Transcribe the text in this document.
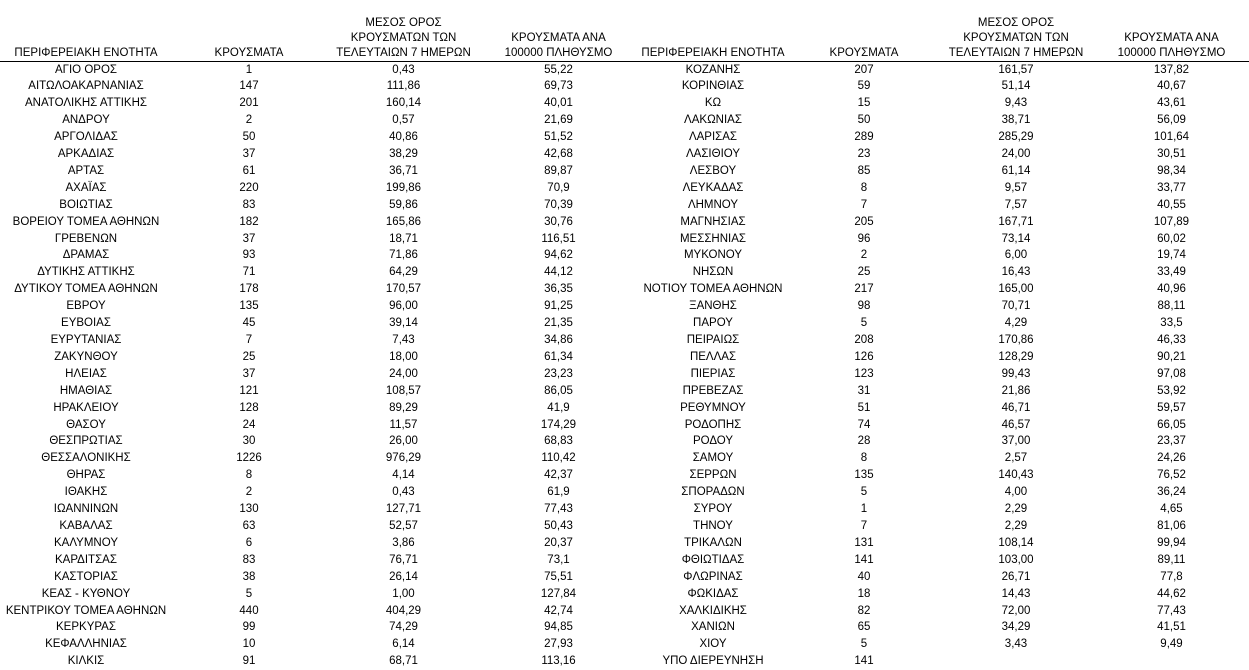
ΠΕΡΙΦΕΡΕΙΑΚΗ ΕΝΟΤΗΤΑ	ΚΡΟΥΣΜΑΤΑ	ΜΕΣΟΣ ΟΡΟΣ ΚΡΟΥΣΜΑΤΩΝ ΤΩΝ ΤΕΛΕΥΤΑΙΩΝ 7 ΗΜΕΡΩΝ	ΚΡΟΥΣΜΑΤΑ ΑΝΑ 100000 ΠΛΗΘΥΣΜΟ
ΑΓΙΟ ΟΡΟΣ	1	0,43	55,22
ΑΙΤΩΛΟΑΚΑΡΝΑΝΙΑΣ	147	111,86	69,73
ΑΝΑΤΟΛΙΚΗΣ ΑΤΤΙΚΗΣ	201	160,14	40,01
ΑΝΔΡΟΥ	2	0,57	21,69
ΑΡΓΟΛΙΔΑΣ	50	40,86	51,52
ΑΡΚΑΔΙΑΣ	37	38,29	42,68
ΑΡΤΑΣ	61	36,71	89,87
ΑΧΑΪΑΣ	220	199,86	70,9
ΒΟΙΩΤΙΑΣ	83	59,86	70,39
ΒΟΡΕΙΟΥ ΤΟΜΕΑ ΑΘΗΝΩΝ	182	165,86	30,76
ΓΡΕΒΕΝΩΝ	37	18,71	116,51
ΔΡΑΜΑΣ	93	71,86	94,62
ΔΥΤΙΚΗΣ ΑΤΤΙΚΗΣ	71	64,29	44,12
ΔΥΤΙΚΟΥ ΤΟΜΕΑ ΑΘΗΝΩΝ	178	170,57	36,35
ΕΒΡΟΥ	135	96,00	91,25
ΕΥΒΟΙΑΣ	45	39,14	21,35
ΕΥΡΥΤΑΝΙΑΣ	7	7,43	34,86
ΖΑΚΥΝΘΟΥ	25	18,00	61,34
ΗΛΕΙΑΣ	37	24,00	23,23
ΗΜΑΘΙΑΣ	121	108,57	86,05
ΗΡΑΚΛΕΙΟΥ	128	89,29	41,9
ΘΑΣΟΥ	24	11,57	174,29
ΘΕΣΠΡΩΤΙΑΣ	30	26,00	68,83
ΘΕΣΣΑΛΟΝΙΚΗΣ	1226	976,29	110,42
ΘΗΡΑΣ	8	4,14	42,37
ΙΘΑΚΗΣ	2	0,43	61,9
ΙΩΑΝΝΙΝΩΝ	130	127,71	77,43
ΚΑΒΑΛΑΣ	63	52,57	50,43
ΚΑΛΥΜΝΟΥ	6	3,86	20,37
ΚΑΡΔΙΤΣΑΣ	83	76,71	73,1
ΚΑΣΤΟΡΙΑΣ	38	26,14	75,51
ΚΕΑΣ - ΚΥΘΝΟΥ	5	1,00	127,84
ΚΕΝΤΡΙΚΟΥ ΤΟΜΕΑ ΑΘΗΝΩΝ	440	404,29	42,74
ΚΕΡΚΥΡΑΣ	99	74,29	94,85
ΚΕΦΑΛΛΗΝΙΑΣ	10	6,14	27,93
ΚΙΛΚΙΣ	91	68,71	113,16
ΠΕΡΙΦΕΡΕΙΑΚΗ ΕΝΟΤΗΤΑ	ΚΡΟΥΣΜΑΤΑ	ΜΕΣΟΣ ΟΡΟΣ ΚΡΟΥΣΜΑΤΩΝ ΤΩΝ ΤΕΛΕΥΤΑΙΩΝ 7 ΗΜΕΡΩΝ	ΚΡΟΥΣΜΑΤΑ ΑΝΑ 100000 ΠΛΗΘΥΣΜΟ
ΚΟΖΑΝΗΣ	207	161,57	137,82
ΚΟΡΙΝΘΙΑΣ	59	51,14	40,67
ΚΩ	15	9,43	43,61
ΛΑΚΩΝΙΑΣ	50	38,71	56,09
ΛΑΡΙΣΑΣ	289	285,29	101,64
ΛΑΣΙΘΙΟΥ	23	24,00	30,51
ΛΕΣΒΟΥ	85	61,14	98,34
ΛΕΥΚΑΔΑΣ	8	9,57	33,77
ΛΗΜΝΟΥ	7	7,57	40,55
ΜΑΓΝΗΣΙΑΣ	205	167,71	107,89
ΜΕΣΣΗΝΙΑΣ	96	73,14	60,02
ΜΥΚΟΝΟΥ	2	6,00	19,74
ΝΗΣΩΝ	25	16,43	33,49
ΝΟΤΙΟΥ ΤΟΜΕΑ ΑΘΗΝΩΝ	217	165,00	40,96
ΞΑΝΘΗΣ	98	70,71	88,11
ΠΑΡΟΥ	5	4,29	33,5
ΠΕΙΡΑΙΩΣ	208	170,86	46,33
ΠΕΛΛΑΣ	126	128,29	90,21
ΠΙΕΡΙΑΣ	123	99,43	97,08
ΠΡΕΒΕΖΑΣ	31	21,86	53,92
ΡΕΘΥΜΝΟΥ	51	46,71	59,57
ΡΟΔΟΠΗΣ	74	46,57	66,05
ΡΟΔΟΥ	28	37,00	23,37
ΣΑΜΟΥ	8	2,57	24,26
ΣΕΡΡΩΝ	135	140,43	76,52
ΣΠΟΡΑΔΩΝ	5	4,00	36,24
ΣΥΡΟΥ	1	2,29	4,65
ΤΗΝΟΥ	7	2,29	81,06
ΤΡΙΚΑΛΩΝ	131	108,14	99,94
ΦΘΙΩΤΙΔΑΣ	141	103,00	89,11
ΦΛΩΡΙΝΑΣ	40	26,71	77,8
ΦΩΚΙΔΑΣ	18	14,43	44,62
ΧΑΛΚΙΔΙΚΗΣ	82	72,00	77,43
ΧΑΝΙΩΝ	65	34,29	41,51
ΧΙΟΥ	5	3,43	9,49
ΥΠΟ ΔΙΕΡΕΥΝΗΣΗ	141		
